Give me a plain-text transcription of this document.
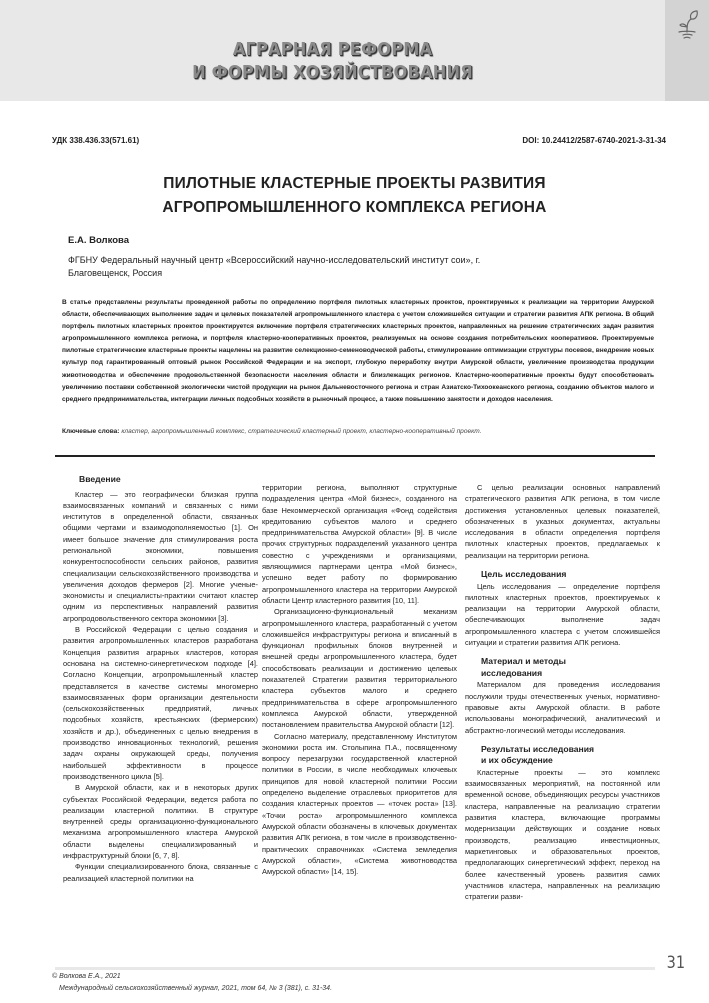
АГРАРНАЯ РЕФОРМА
И ФОРМЫ ХОЗЯЙСТВОВАНИЯ
УДК 338.436.33(571.61)	DOI: 10.24412/2587-6740-2021-3-31-34
ПИЛОТНЫЕ КЛАСТЕРНЫЕ ПРОЕКТЫ РАЗВИТИЯ
АГРОПРОМЫШЛЕННОГО КОМПЛЕКСА РЕГИОНА
Е.А. Волкова
ФГБНУ Федеральный научный центр «Всероссийский научно-исследовательский институт сои», г. Благовещенск, Россия
В статье представлены результаты проведенной работы по определению портфеля пилотных кластерных проектов, проектируемых к реализации на территории Амурской области, обеспечивающих выполнение задач и целевых показателей агропромышленного кластера с учетом сложившейся ситуации и стратегии развития АПК региона. В общий портфель пилотных кластерных проектов проектируется включение портфеля стратегических кластерных проектов, направленных на решение стратегических задач развития агропромышленного комплекса региона, и портфеля кластерно-кооперативных проектов, реализуемых на основе создания потребительских кооперативов. Проектируемые пилотные стратегические кластерные проекты нацелены на развитие селекционно-семеноводческой работы, стимулирование оптимизации структуры посевов, внедрение новых культур под гарантированный оптовый рынок Российской Федерации и на экспорт, глубокую переработку внутри Амурской области, увеличение производства продукции животноводства и обеспечение продовольственной безопасности населения области и близлежащих регионов. Кластерно-кооперативные проекты будут способствовать увеличению поставки собственной экологически чистой продукции на рынок Дальневосточного региона и стран Азиатско-Тихоокеанского региона, созданию объектов малого и среднего предпринимательства, интеграции личных подсобных хозяйств в рыночный процесс, а также повышению занятости и доходов населения.
Ключевые слова: кластер, агропромышленный комплекс, стратегический кластерный проект, кластерно-кооперативный проект.
Введение

Кластер — это географически близкая группа взаимосвязанных компаний и связанных с ними институтов в определенной области, связанных общими чертами и взаимодополняемостью [1]. Он имеет большое значение для стимулирования роста региональной экономики, повышения конкурентоспособности сельских районов, развития специализации сельскохозяйственного производства и увеличения доходов фермеров [2]. Многие ученые-экономисты и специалисты-практики считают кластер одним из перспективных направлений развития агропродовольственного сектора экономики [3].

В Российской Федерации с целью создания и развития агропромышленных кластеров разработана Концепция развития аграрных кластеров, которая основана на системно-синергетическом подходе [4]. Согласно Концепции, агропромышленный кластер представляется в качестве системы многомерно взаимосвязанных форм организации деятельности (сельскохозяйственных предприятий, личных подсобных хозяйств, крестьянских (фермерских) хозяйств и др.), объединенных с целью внедрения в производство инновационных технологий, решения задач охраны окружающей среды, получения наибольшей эффективности в процессе производственного цикла [5].

В Амурской области, как и в некоторых других субъектах Российской Федерации, ведется работа по реализации кластерной политики. В структуре внутренней среды организационно-функционального механизма агропромышленного кластера Амурской области выделены специализированный и инфраструктурный блоки [6, 7, 8].

Функции специализированного блока, связанные с реализацией кластерной политики на

территории региона, выполняют структурные подразделения центра «Мой бизнес», созданного на базе Некоммерческой организация «Фонд содействия кредитованию субъектов малого и среднего предпринимательства Амурской области» [9]. В числе прочих структурных подразделений указанного центра совестно с учреждениями и организациями, являющимися партнерами центра «Мой бизнес», успешно ведет работу по формированию агропромышленного кластера на территории Амурской области Центр кластерного развития [10, 11].

Организационно-функциональный механизм агропромышленного кластера, разработанный с учетом сложившейся инфраструктуры региона и вписанный в функционал профильных блоков внутренней и внешней среды агропромышленного кластера, будет способствовать реализации и достижению целевых показателей Стратегии развития территориального кластера субъектов малого и среднего предпринимательства в сфере агропромышленного комплекса Амурской области, утвержденной постановлением правительства Амурской области [12].

Согласно материалу, представленному Институтом экономики роста им. Столыпина П.А., посвященному вопросу перезагрузки государственной кластерной политики в России, в числе необходимых ключевых принципов для новой кластерной политики России определено выделение отраслевых приоритетов для создания кластерных проектов — «точек роста» [13]. «Точки роста» агропромышленного комплекса Амурской области обозначены в ключевых документах развития АПК региона, в том числе в производственно-практических справочниках «Система земледелия Амурской области», «Система животноводства Амурской области» [14, 15].

С целью реализации основных направлений стратегического развития АПК региона, в том числе достижения установленных целевых показателей, обозначенных в указных документах, актуальны исследования в области определения портфеля пилотных кластерных проектов, предлагаемых к реализации на территории региона.

Цель исследования

Цель исследования — определение портфеля пилотных кластерных проектов, проектируемых к реализации на территории Амурской области, обеспечивающих выполнение задач агропромышленного кластера с учетом сложившейся ситуации и стратегии развития АПК региона.

Материал и методы
исследования

Материалом для проведения исследования послужили труды отечественных ученых, нормативно-правовые акты Амурской области. В работе использованы монографический, аналитический и абстрактно-логический методы исследования.

Результаты исследования
и их обсуждение

Кластерные проекты — это комплекс взаимосвязанных мероприятий, на постоянной или временной основе, объединяющих ресурсы участников кластера, направленные на реализацию стратегии развития кластера, включающие программы модернизации действующих и создание новых производств, реализацию инвестиционных, маркетинговых и образовательных проектов, предполагающих синергетический эффект, переход на более качественный уровень развития самих участников кластера, направленных на реализацию стратегии разви-

31
© Волкова Е.А., 2021
Международный сельскохозяйственный журнал, 2021, том 64, № 3 (381), с. 31-34.
